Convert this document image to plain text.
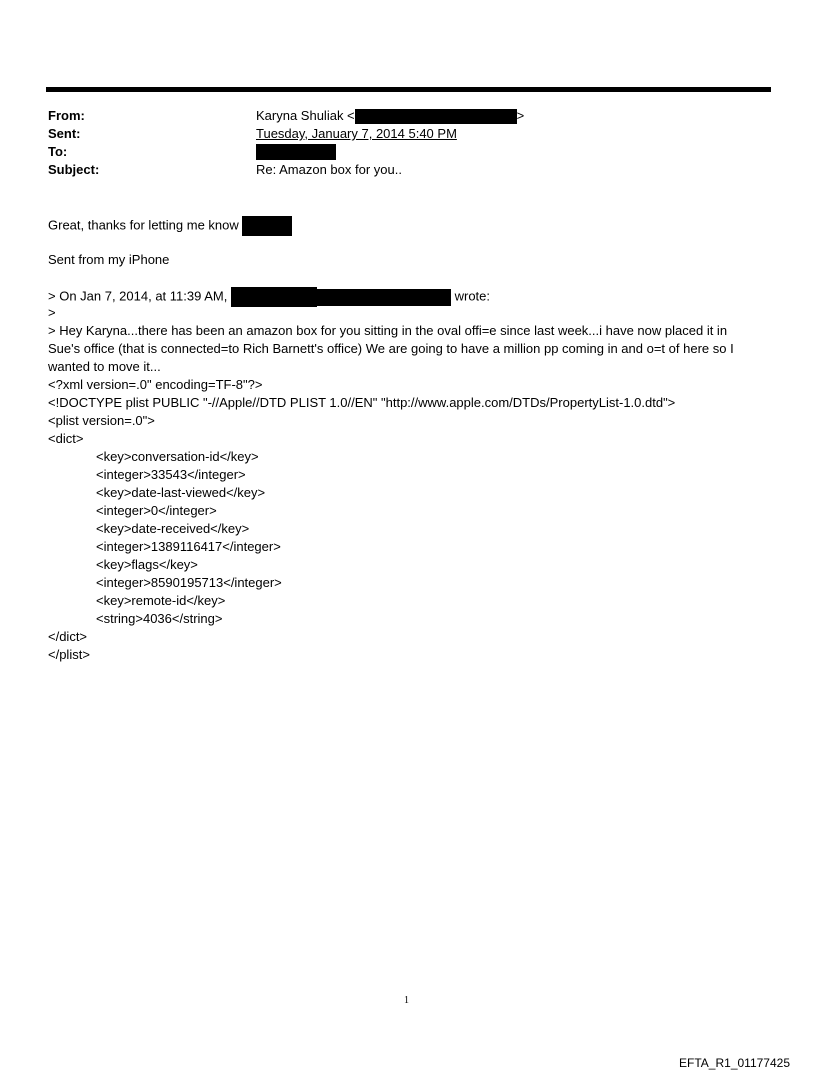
From:	Karyna Shuliak <	>
Sent:	Tuesday, January 7, 2014 5:40 PM
To:
Subject:	Re: Amazon box for you..
Great, thanks for letting me know
Sent from my iPhone
> On Jan 7, 2014, at 11:39 AM,	wrote:
>
> Hey Karyna...there has been an amazon box for you sitting in the oval offi=e since last week...i have now placed it in
Sue's office (that is connected=to Rich Barnett's office) We are going to have a million pp coming in and o=t of here so I
wanted to move it...
<?xml version=.0" encoding=TF-8"?>
<!DOCTYPE plist PUBLIC "-//Apple//DTD PLIST 1.0//EN" "http://www.apple.com/DTDs/PropertyList-1.0.dtd">
<plist version=.0">
<dict>
<key>conversation-id</key>
<integer>33543</integer>
<key>date-last-viewed</key>
<integer>0</integer>
<key>date-received</key>
<integer>1389116417</integer>
<key>flags</key>
<integer>8590195713</integer>
<key>remote-id</key>
<string>4036</string>
</dict>
</plist>
1
EFTA_R1_01177425
